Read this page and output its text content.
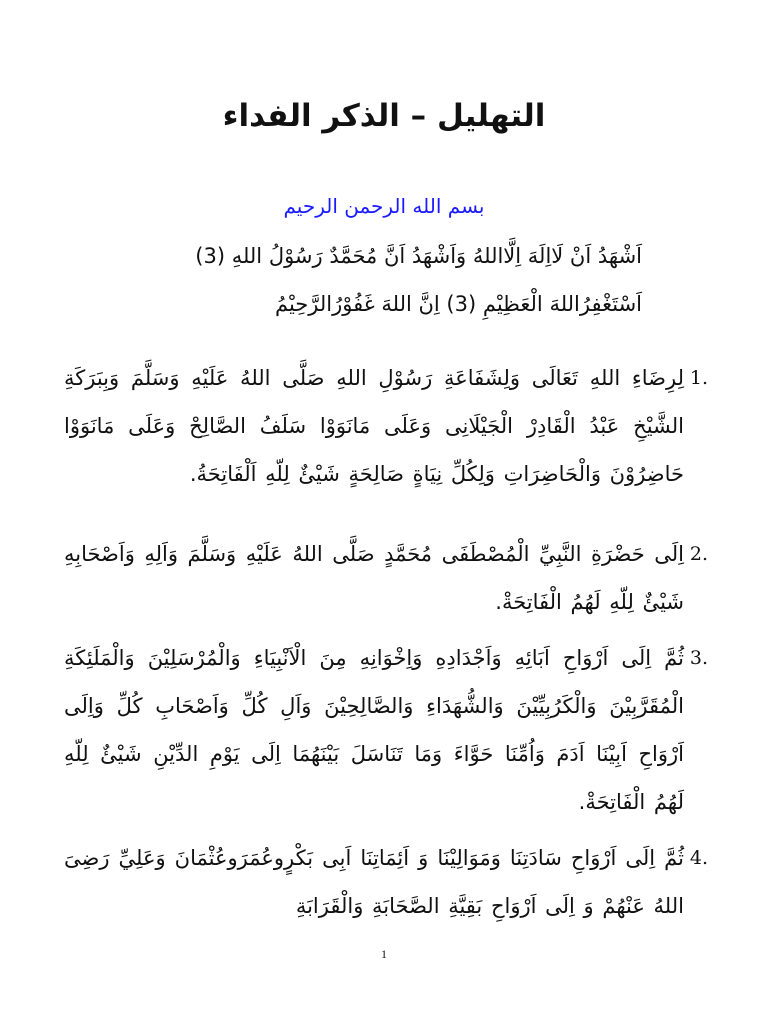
التهليل – الذكر الفداء
بسم الله الرحمن الرحيم
اَشْهَدُ اَنْ لَااِلَهَ اِلَّااللهُ وَاَشْهَدُ اَنَّ مُحَمَّدٌ رَسُوْلُ اللهِ (3)
اَسْتَغْفِرُاللهَ الْعَظِيْمِ (3) اِنَّ اللهَ غَفُوْرُالرَّحِيْمُ
1.
لِرِضَاءِ اللهِ تَعَالَى وَلِشَفَاعَةِ رَسُوْلِ اللهِ صَلَّى اللهُ عَلَيْهِ وَسَلَّمَ وَبِبَرَكَةِ الشَّيْخِ عَبْدُ الْقَادِرْ الْجَيْلَانِى وَعَلَى مَانَوَوْا سَلَفُ الصَّالِحْ وَعَلَى مَانَوَوْا حَاضِرُوْنَ وَالْحَاضِرَاتِ وَلِكُلِّ نِيَاةٍ صَالِحَةٍ شَيْئٌ لِلّهِ اَلْفَاتِحَةُ.
2.
اِلَى حَضْرَةِ النَّبِيِّ الْمُصْطَفَى مُحَمَّدٍ صَلَّى اللهُ عَلَيْهِ وَسَلَّمَ وَاَلِهِ وَاَصْحَابِهِ شَيْئٌ لِلّهِ لَهُمُ الْفَاتِحَةْ.
3.
ثُمَّ اِلَى اَرْوَاحِ اَبَائِهِ وَاَجْدَادِهِ وَاِخْوَانِهِ مِنَ الْاَنْبِيَاءِ وَالْمُرْسَلِيْنَ وَالْمَلَئِكَةِ الْمُقَرَّبِيْنَ وَالْكَرُبِيِّيْنَ وَالشُّهَدَاءِ وَالصَّالِحِيْنَ وَاَلِ كُلِّ وَاَصْحَابِ كُلِّ وَاِلَى اَرْوَاحِ اَبِيْنَا اَدَمَ وَاُمِّنَا حَوَّاءَ وَمَا تَنَاسَلَ بَيْنَهُمَا اِلَى يَوْمِ الدِّيْنِ شَيْئٌ لِلّهِ لَهُمُ الْفَاتِحَةْ.
4.
ثُمَّ اِلَى اَرْوَاحِ سَادَتِنَا وَمَوَالِيْنَا وَ اَئِمَاتِنَا اَبِى بَكْرٍوعُمَرَوعُثْمَانَ وَعَلِيِّ رَضِىَ اللهُ عَنْهُمْ وَ اِلَى اَرْوَاحِ بَقِيَّةِ الصَّحَابَةِ وَالْقَرَابَةِ
1
